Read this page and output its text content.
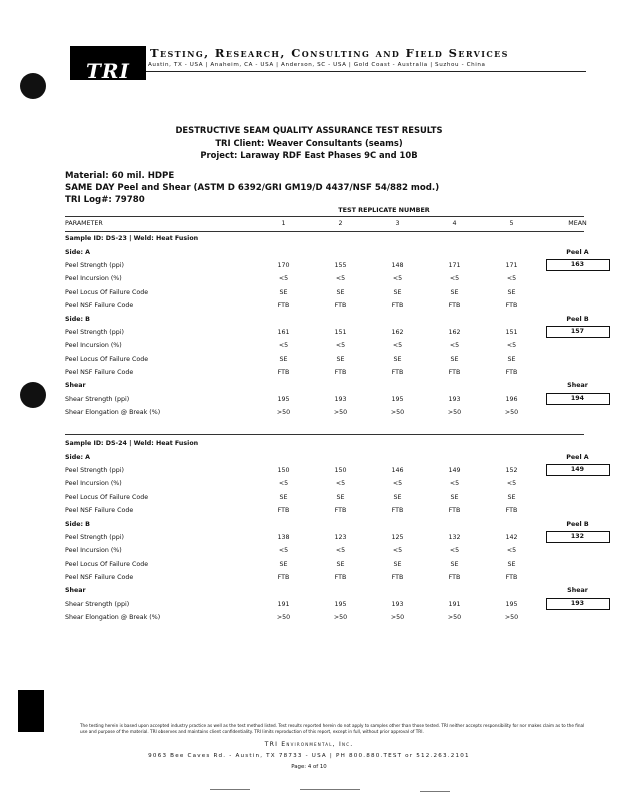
TRI
Testing, Research, Consulting and Field Services
Austin, TX - USA | Anaheim, CA - USA | Anderson, SC - USA | Gold Coast - Australia | Suzhou - China
DESTRUCTIVE SEAM QUALITY ASSURANCE TEST RESULTS
TRI Client: Weaver Consultants (seams)
Project: Laraway RDF East Phases 9C and 10B
Material: 60 mil. HDPE
SAME DAY Peel and Shear (ASTM D 6392/GRI GM19/D 4437/NSF 54/882 mod.)
TRI Log#: 79780
TEST REPLICATE NUMBER
PARAMETER	1	2	3	4	5	MEAN
Sample ID: DS-23 | Weld: Heat Fusion						
Side: A						Peel A
Peel Strength (ppi)	170	155	148	171	171	163
Peel Incursion (%)	<5	<5	<5	<5	<5	
Peel Locus Of Failure Code	SE	SE	SE	SE	SE	
Peel NSF Failure Code	FTB	FTB	FTB	FTB	FTB	
Side: B						Peel B
Peel Strength (ppi)	161	151	162	162	151	157
Peel Incursion (%)	<5	<5	<5	<5	<5	
Peel Locus Of Failure Code	SE	SE	SE	SE	SE	
Peel NSF Failure Code	FTB	FTB	FTB	FTB	FTB	
Shear						Shear
Shear Strength (ppi)	195	193	195	193	196	194
Shear Elongation @ Break (%)	>50	>50	>50	>50	>50	
Sample ID: DS-24 | Weld: Heat Fusion						
Side: A						Peel A
Peel Strength (ppi)	150	150	146	149	152	149
Peel Incursion (%)	<5	<5	<5	<5	<5	
Peel Locus Of Failure Code	SE	SE	SE	SE	SE	
Peel NSF Failure Code	FTB	FTB	FTB	FTB	FTB	
Side: B						Peel B
Peel Strength (ppi)	138	123	125	132	142	132
Peel Incursion (%)	<5	<5	<5	<5	<5	
Peel Locus Of Failure Code	SE	SE	SE	SE	SE	
Peel NSF Failure Code	FTB	FTB	FTB	FTB	FTB	
Shear						Shear
Shear Strength (ppi)	191	195	193	191	195	193
Shear Elongation @ Break (%)	>50	>50	>50	>50	>50	
The testing herein is based upon accepted industry practice as well as the test method listed. Test results reported herein do not apply to samples other than those tested. TRI neither accepts responsibility for nor makes claim as to the final use and purpose of the material. TRI observes and maintains client confidentiality. TRI limits reproduction of this report, except in full, without prior approval of TRI.
TRI Environmental, Inc.
9063 Bee Caves Rd. - Austin, TX 78733 - USA | PH 800.880.TEST or 512.263.2101
Page: 4 of 10
